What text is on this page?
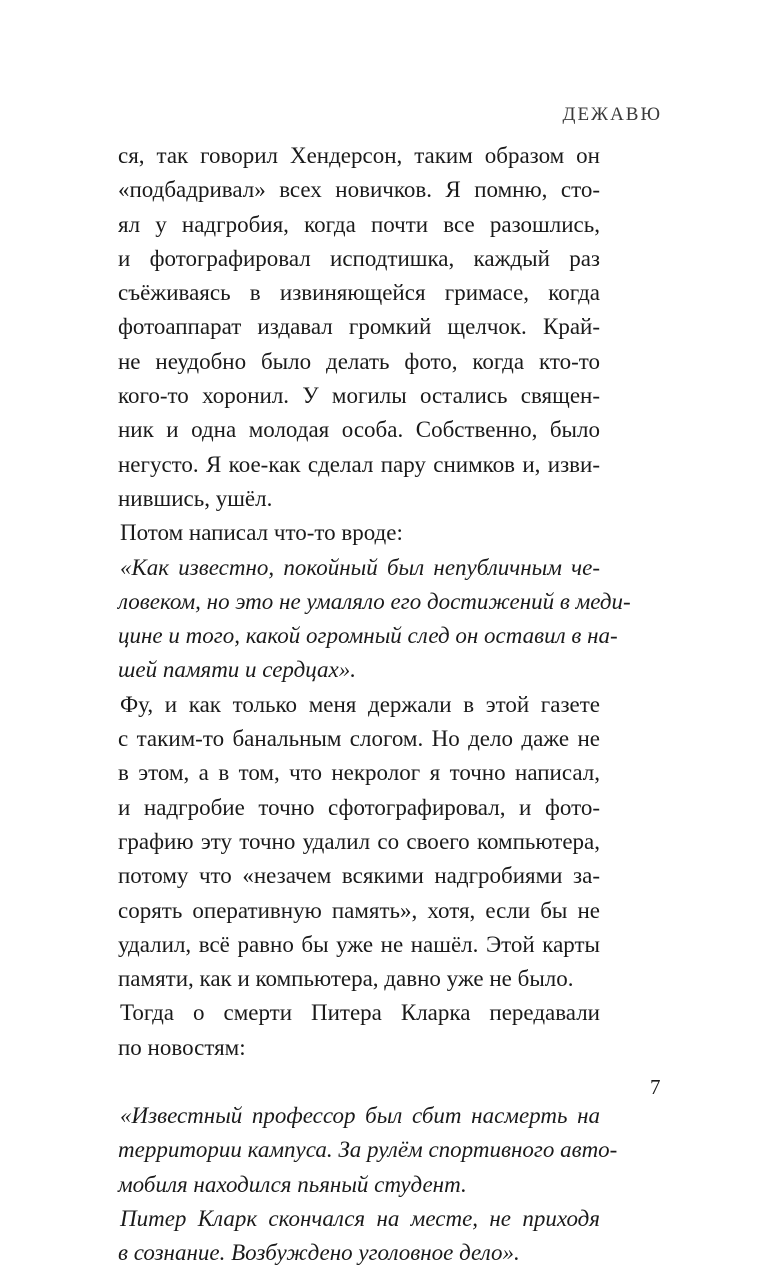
ДЕЖАВЮ
ся, так говорил Хендерсон, таким образом он
«подбадривал» всех новичков. Я помню, сто-
ял у надгробия, когда почти все разошлись,
и фотографировал исподтишка, каждый раз
съёживаясь в извиняющейся гримасе, когда
фотоаппарат издавал громкий щелчок. Край-
не неудобно было делать фото, когда кто-то
кого-то хоронил. У могилы остались священ-
ник и одна молодая особа. Собственно, было
негусто. Я кое-как сделал пару снимков и, изви-
нившись, ушёл.
Потом написал что-то вроде:
«Как известно, покойный был непубличным че-
ловеком, но это не умаляло его достижений в меди-
цине и того, какой огромный след он оставил в на-
шей памяти и сердцах».
Фу, и как только меня держали в этой газете
с таким-то банальным слогом. Но дело даже не
в этом, а в том, что некролог я точно написал,
и надгробие точно сфотографировал, и фото-
графию эту точно удалил со своего компьютера,
потому что «незачем всякими надгробиями за-
сорять оперативную память», хотя, если бы не
удалил, всё равно бы уже не нашёл. Этой карты
памяти, как и компьютера, давно уже не было.
Тогда о смерти Питера Кларка передавали
по новостям:
«Известный профессор был сбит насмерть на
территории кампуса. За рулём спортивного авто-
мобиля находился пьяный студент.
Питер Кларк скончался на месте, не приходя
в сознание. Возбуждено уголовное дело».
7
